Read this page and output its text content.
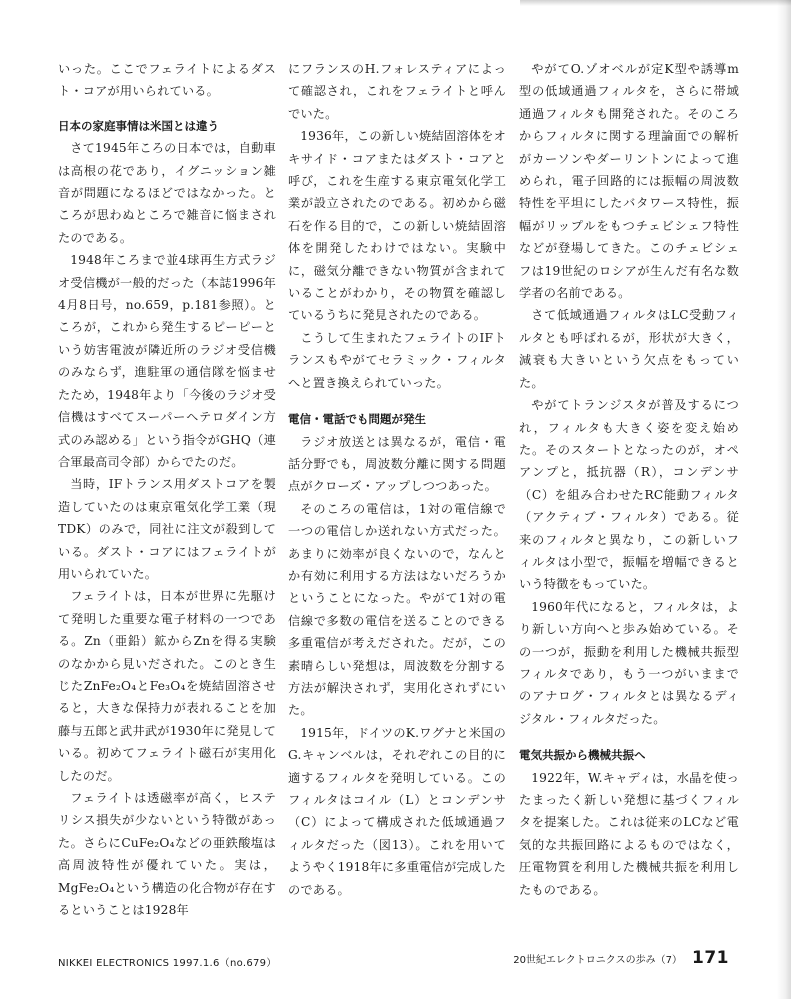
いった。ここでフェライトによるダスト・コアが用いられている。

日本の家庭事情は米国とは違う

さて1945年ころの日本では，自動車は高根の花であり，イグニッション雑音が問題になるほどではなかった。ところが思わぬところで雑音に悩まされたのである。

1948年ころまで並4球再生方式ラジオ受信機が一般的だった（本誌1996年4月8日号，no.659，p.181参照）。ところが，これから発生するピーピーという妨害電波が隣近所のラジオ受信機のみならず，進駐軍の通信隊を悩ませたため，1948年より「今後のラジオ受信機はすべてスーパーヘテロダイン方式のみ認める」という指令がGHQ（連合軍最高司令部）からでたのだ。

当時，IFトランス用ダストコアを製造していたのは東京電気化学工業（現TDK）のみで，同社に注文が殺到している。ダスト・コアにはフェライトが用いられていた。

フェライトは，日本が世界に先駆けて発明した重要な電子材料の一つである。Zn（亜鉛）鉱からZnを得る実験のなかから見いだされた。このとき生じたZnFe₂O₄とFe₃O₄を焼結固溶させると，大きな保持力が表れることを加藤与五郎と武井武が1930年に発見している。初めてフェライト磁石が実用化したのだ。

フェライトは透磁率が高く，ヒステリシス損失が少ないという特徴があった。さらにCuFe₂O₄などの亜鉄酸塩は高周波特性が優れていた。実は，MgFe₂O₄という構造の化合物が存在するということは1928年

にフランスのH.フォレスティアによって確認され，これをフェライトと呼んでいた。

1936年，この新しい焼結固溶体をオキサイド・コアまたはダスト・コアと呼び，これを生産する東京電気化学工業が設立されたのである。初めから磁石を作る目的で，この新しい焼結固溶体を開発したわけではない。実験中に，磁気分離できない物質が含まれていることがわかり，その物質を確認しているうちに発見されたのである。

こうして生まれたフェライトのIFトランスもやがてセラミック・フィルタへと置き換えられていった。

電信・電話でも問題が発生

ラジオ放送とは異なるが，電信・電話分野でも，周波数分離に関する問題点がクローズ・アップしつつあった。

そのころの電信は，1対の電信線で一つの電信しか送れない方式だった。あまりに効率が良くないので，なんとか有効に利用する方法はないだろうかということになった。やがて1対の電信線で多数の電信を送ることのできる多重電信が考えだされた。だが，この素晴らしい発想は，周波数を分割する方法が解決されず，実用化されずにいた。

1915年，ドイツのK.ワグナと米国のG.キャンベルは，それぞれこの目的に適するフィルタを発明している。このフィルタはコイル（L）とコンデンサ（C）によって構成された低域通過フィルタだった（図13）。これを用いてようやく1918年に多重電信が完成したのである。

やがてO.ゾオベルが定K型や誘導m型の低域通過フィルタを，さらに帯域通過フィルタも開発された。そのころからフィルタに関する理論面での解析がカーソンやダーリントンによって進められ，電子回路的には振幅の周波数特性を平坦にしたバタワース特性，振幅がリップルをもつチェビシェフ特性などが登場してきた。このチェビシェフは19世紀のロシアが生んだ有名な数学者の名前である。

さて低域通過フィルタはLC受動フィルタとも呼ばれるが，形状が大きく，減衰も大きいという欠点をもっていた。

やがてトランジスタが普及するにつれ，フィルタも大きく姿を変え始めた。そのスタートとなったのが，オペアンプと，抵抗器（R），コンデンサ（C）を組み合わせたRC能動フィルタ（アクティブ・フィルタ）である。従来のフィルタと異なり，この新しいフィルタは小型で，振幅を増幅できるという特徴をもっていた。

1960年代になると，フィルタは，より新しい方向へと歩み始めている。その一つが，振動を利用した機械共振型フィルタであり，もう一つがいままでのアナログ・フィルタとは異なるディジタル・フィルタだった。

電気共振から機械共振へ

1922年，W.キャディは，水晶を使ったまったく新しい発想に基づくフィルタを提案した。これは従来のLCなど電気的な共振回路によるものではなく，圧電物質を利用した機械共振を利用したものである。

NIKKEI ELECTRONICS 1997.1.6（no.679）	20世紀エレクトロニクスの歩み（7） 171
